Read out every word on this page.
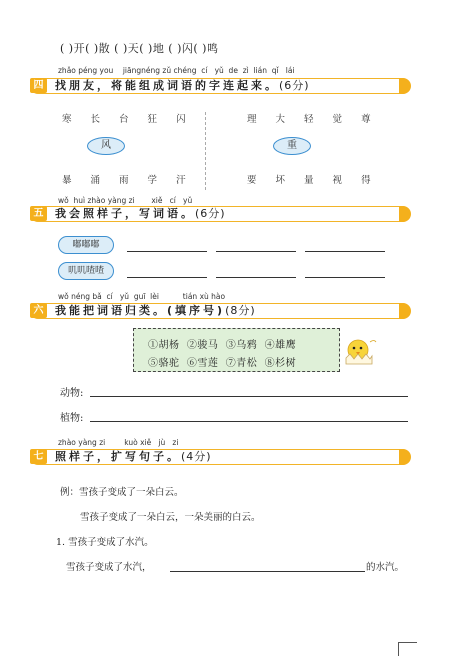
( )开( )散 ( )天( )地 ( )闪( )鸣
zhǎo péng you    jiāngnéng zǔ chéng  cí   yǔ  de  zì  lián  qǐ   lái
四	找朋友，将能组成词语的字连起来。(6分)
寒 长 台 狂 闪
风
暴 涌 雨 学 汗
理 大 轻 觉 尊
重
要 坏 量 视 得
wǒ  huì zhào yàng zi       xiě   cí   yǔ
五	我会照样子，写词语。(6分)
嘟嘟嘟
叽叽喳喳
wǒ néng bǎ  cí   yǔ  guī  lèi          tián xù hào
六	我能把词语归类。(填序号)(8分)
①胡杨  ②骏马  ③乌鸦  ④雄鹰
⑤骆驼  ⑥雪莲  ⑦青松  ⑧杉树
动物:
植物:
zhào yàng zi        kuò xiě   jù   zi
七	照样子，扩写句子。(4分)
例：雪孩子变成了一朵白云。
雪孩子变成了一朵白云，一朵美丽的白云。
1. 雪孩子变成了水汽。
雪孩子变成了水汽，	的水汽。
